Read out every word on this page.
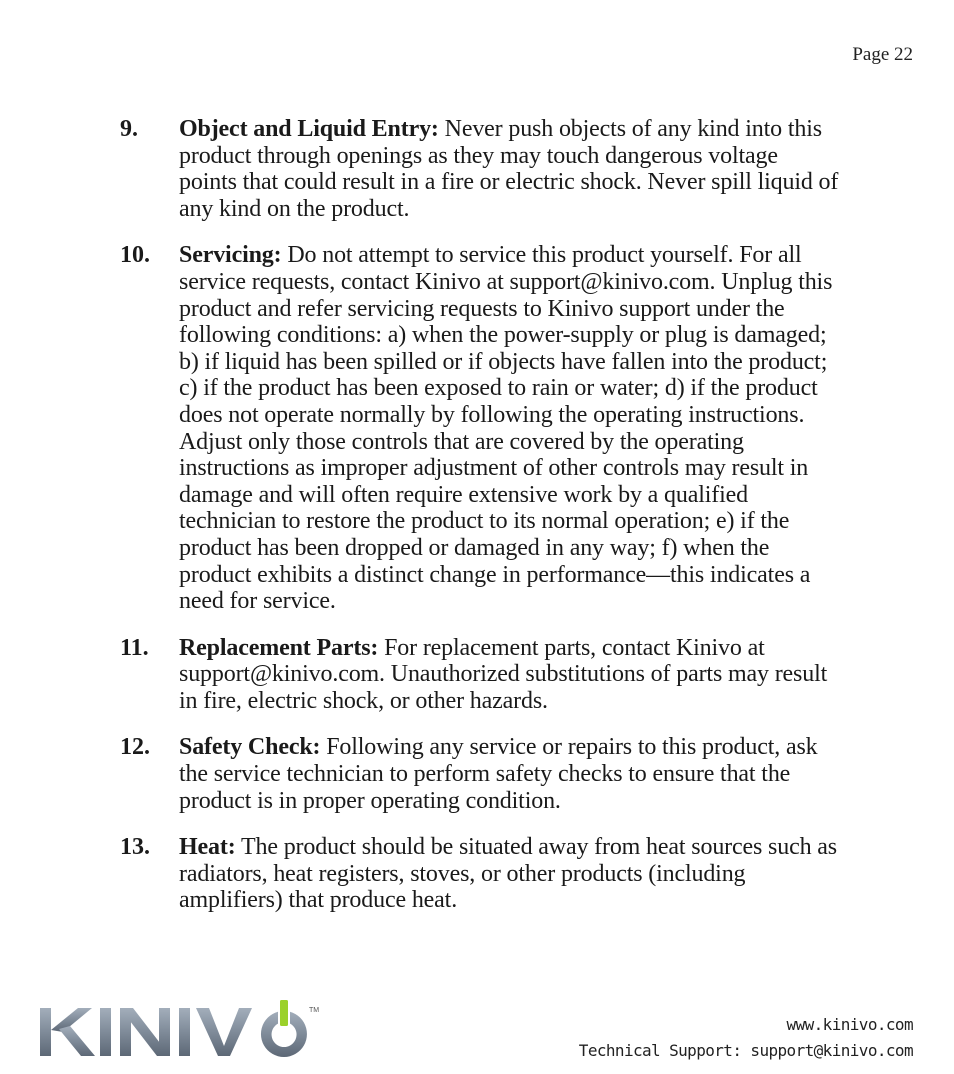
Page 22
9.	Object and Liquid Entry: Never push objects of any kind into this product through openings as they may touch dangerous voltage points that could result in a fire or electric shock. Never spill liquid of any kind on the product.
10.	Servicing: Do not attempt to service this product yourself. For all service requests, contact Kinivo at support@kinivo.com. Unplug this product and refer servicing requests to Kinivo support under the following conditions: a) when the power-supply or plug is damaged; b) if liquid has been spilled or if objects have fallen into the product; c) if the product has been exposed to rain or water; d) if the product does not operate normally by following the operating instructions. Adjust only those controls that are covered by the operating instructions as improper adjustment of other controls may result in damage and will often require extensive work by a qualified technician to restore the product to its normal operation; e) if the product has been dropped or damaged in any way; f) when the product exhibits a distinct change in performance—this indicates a need for service.
11.	Replacement Parts: For replacement parts, contact Kinivo at support@kinivo.com. Unauthorized substitutions of parts may result in fire, electric shock, or other hazards.
12.	Safety Check: Following any service or repairs to this product, ask the service technician to perform safety checks to ensure that the product is in proper operating condition.
13.	Heat: The product should be situated away from heat sources such as radiators, heat registers, stoves, or other products (including amplifiers) that produce heat.
TM
www.kinivo.com
Technical Support: support@kinivo.com
